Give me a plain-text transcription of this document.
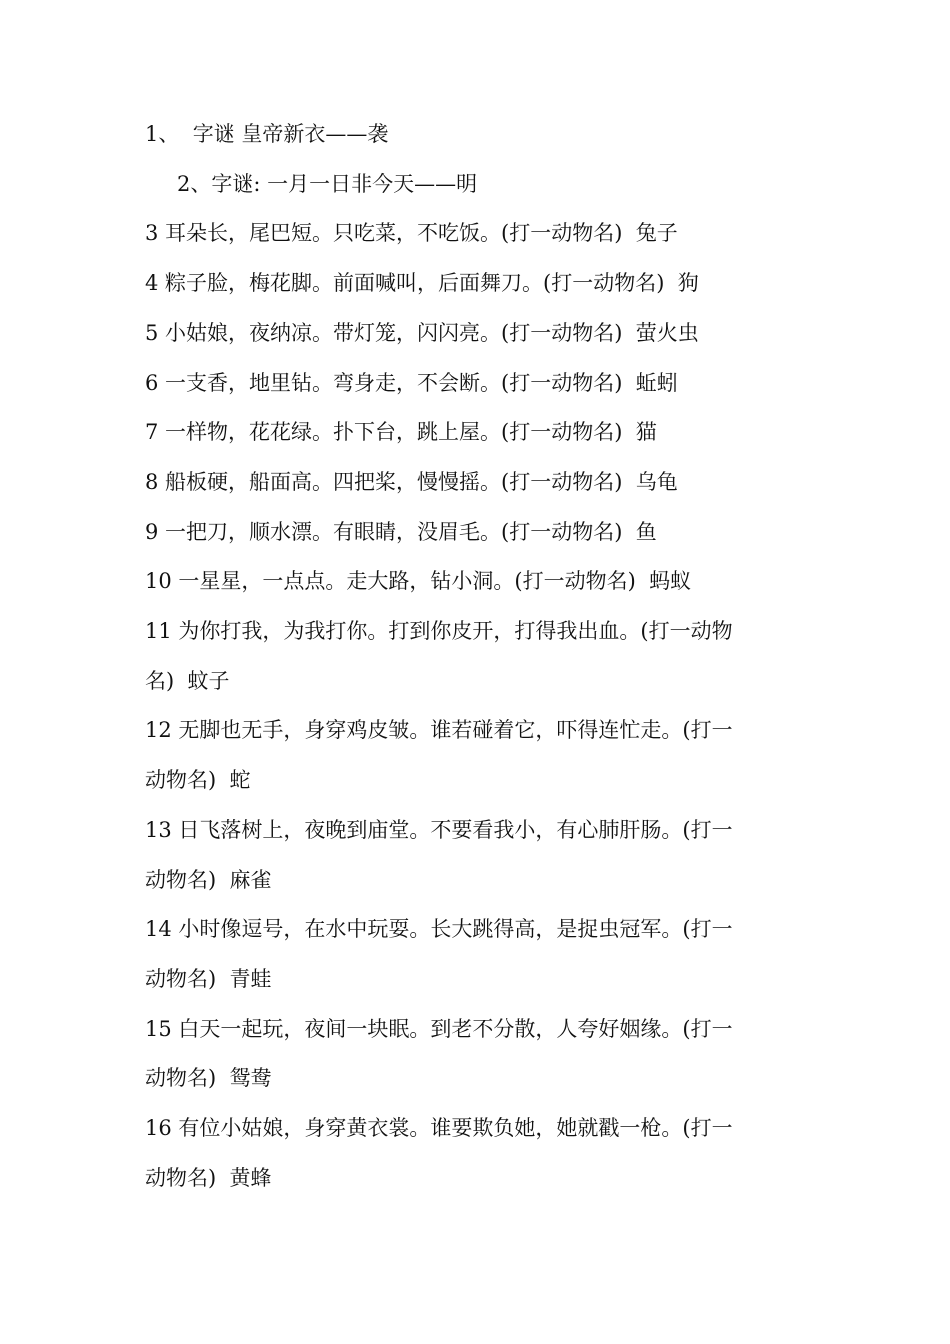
1、  字谜 皇帝新衣——袭

2、字谜: 一月一日非今天——明

3 耳朵长，尾巴短。只吃菜，不吃饭。(打一动物名)  兔子

4 粽子脸，梅花脚。前面喊叫，后面舞刀。(打一动物名)  狗

5 小姑娘，夜纳凉。带灯笼，闪闪亮。(打一动物名)  萤火虫

6 一支香，地里钻。弯身走，不会断。(打一动物名)  蚯蚓

7 一样物，花花绿。扑下台，跳上屋。(打一动物名)  猫

8 船板硬，船面高。四把桨，慢慢摇。(打一动物名)  乌龟

9 一把刀，顺水漂。有眼睛，没眉毛。(打一动物名)  鱼

10 一星星，一点点。走大路，钻小洞。(打一动物名)  蚂蚁

11 为你打我，为我打你。打到你皮开，打得我出血。(打一动物

名)  蚊子

12 无脚也无手，身穿鸡皮皱。谁若碰着它，吓得连忙走。(打一

动物名)  蛇

13 日飞落树上，夜晚到庙堂。不要看我小，有心肺肝肠。(打一

动物名)  麻雀

14 小时像逗号，在水中玩耍。长大跳得高，是捉虫冠军。(打一

动物名)  青蛙

15 白天一起玩，夜间一块眠。到老不分散，人夸好姻缘。(打一

动物名)  鸳鸯

16 有位小姑娘，身穿黄衣裳。谁要欺负她，她就戳一枪。(打一

动物名)  黄蜂
